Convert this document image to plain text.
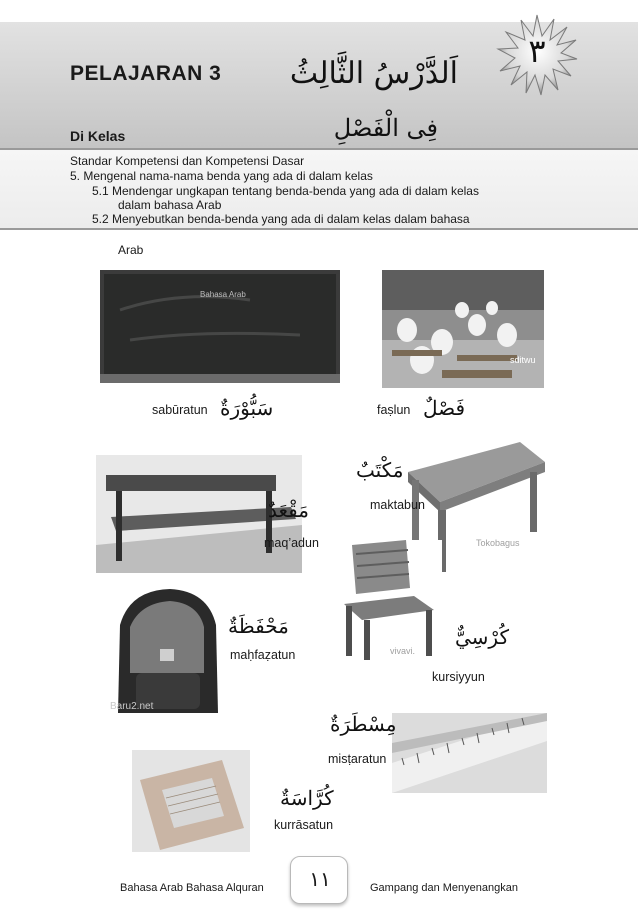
PELAJARAN 3
Di Kelas
اَلدَّرْسُ الثَّالِثُ
فِى الْفَصْلِ
٣
Standar Kompetensi dan Kompetensi Dasar
5. Mengenal nama-nama benda yang ada di dalam kelas
5.1 Mendengar ungkapan tentang benda-benda yang ada di dalam kelas
dalam bahasa Arab
5.2 Menyebutkan benda-benda yang ada di dalam kelas dalam bahasa
Arab
Bahasa Arab
sditwu
sabūratun سَبُّوْرَةٌ	faṣlun فَصْلٌ
Tokobagus
مَكْتَبٌ
maktabun
مَقْعَدٌ
maq’adun
vivavi.
Baru2.net
مَحْفَظَةٌ
maḥfaẓatun
كُرْسِيٌّ
kursiyyun
مِسْطَرَةٌ
misṭaratun
كُرَّاسَةٌ
kurrāsatun
Bahasa Arab Bahasa Alquran	١١	Gampang dan Menyenangkan
